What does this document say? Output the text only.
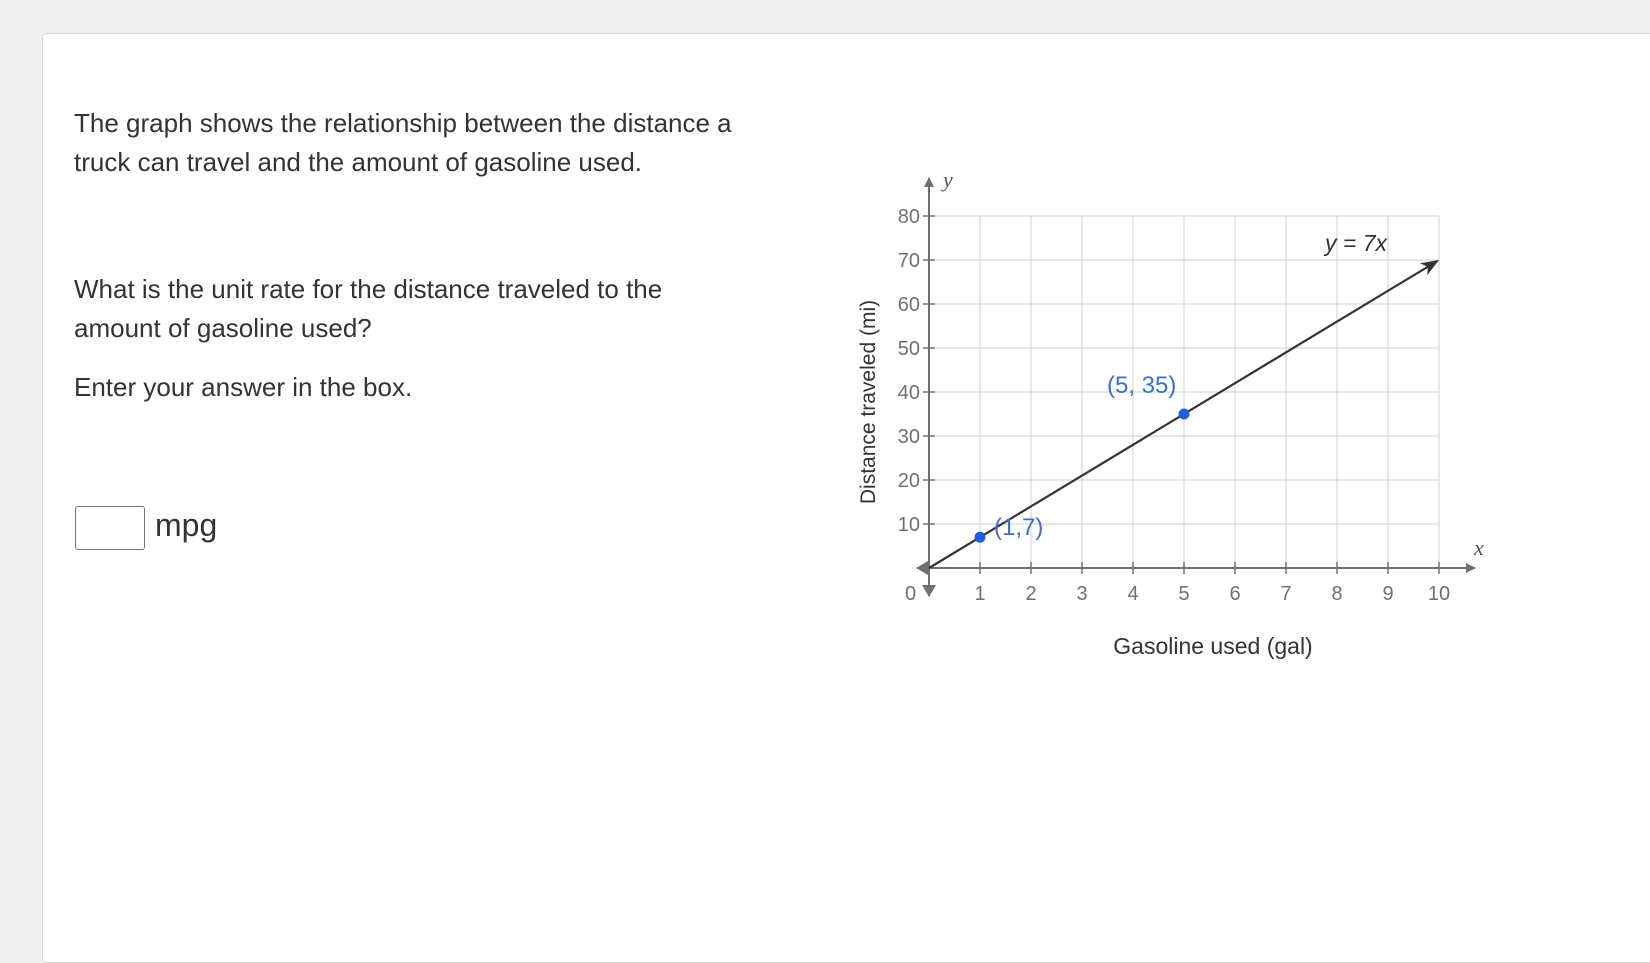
The graph shows the relationship between the distance a truck can travel and the amount of gasoline used.

What is the unit rate for the distance traveled to the amount of gasoline used?

Enter your answer in the box.

mpg
1 2 3 4 5 6 7 8 9 10
10
20
30
40
50
60
70
80
(1,7)
(5, 35)
Gasoline used (gal)
Distance traveled (mi)
x
y
0
y = 7x
